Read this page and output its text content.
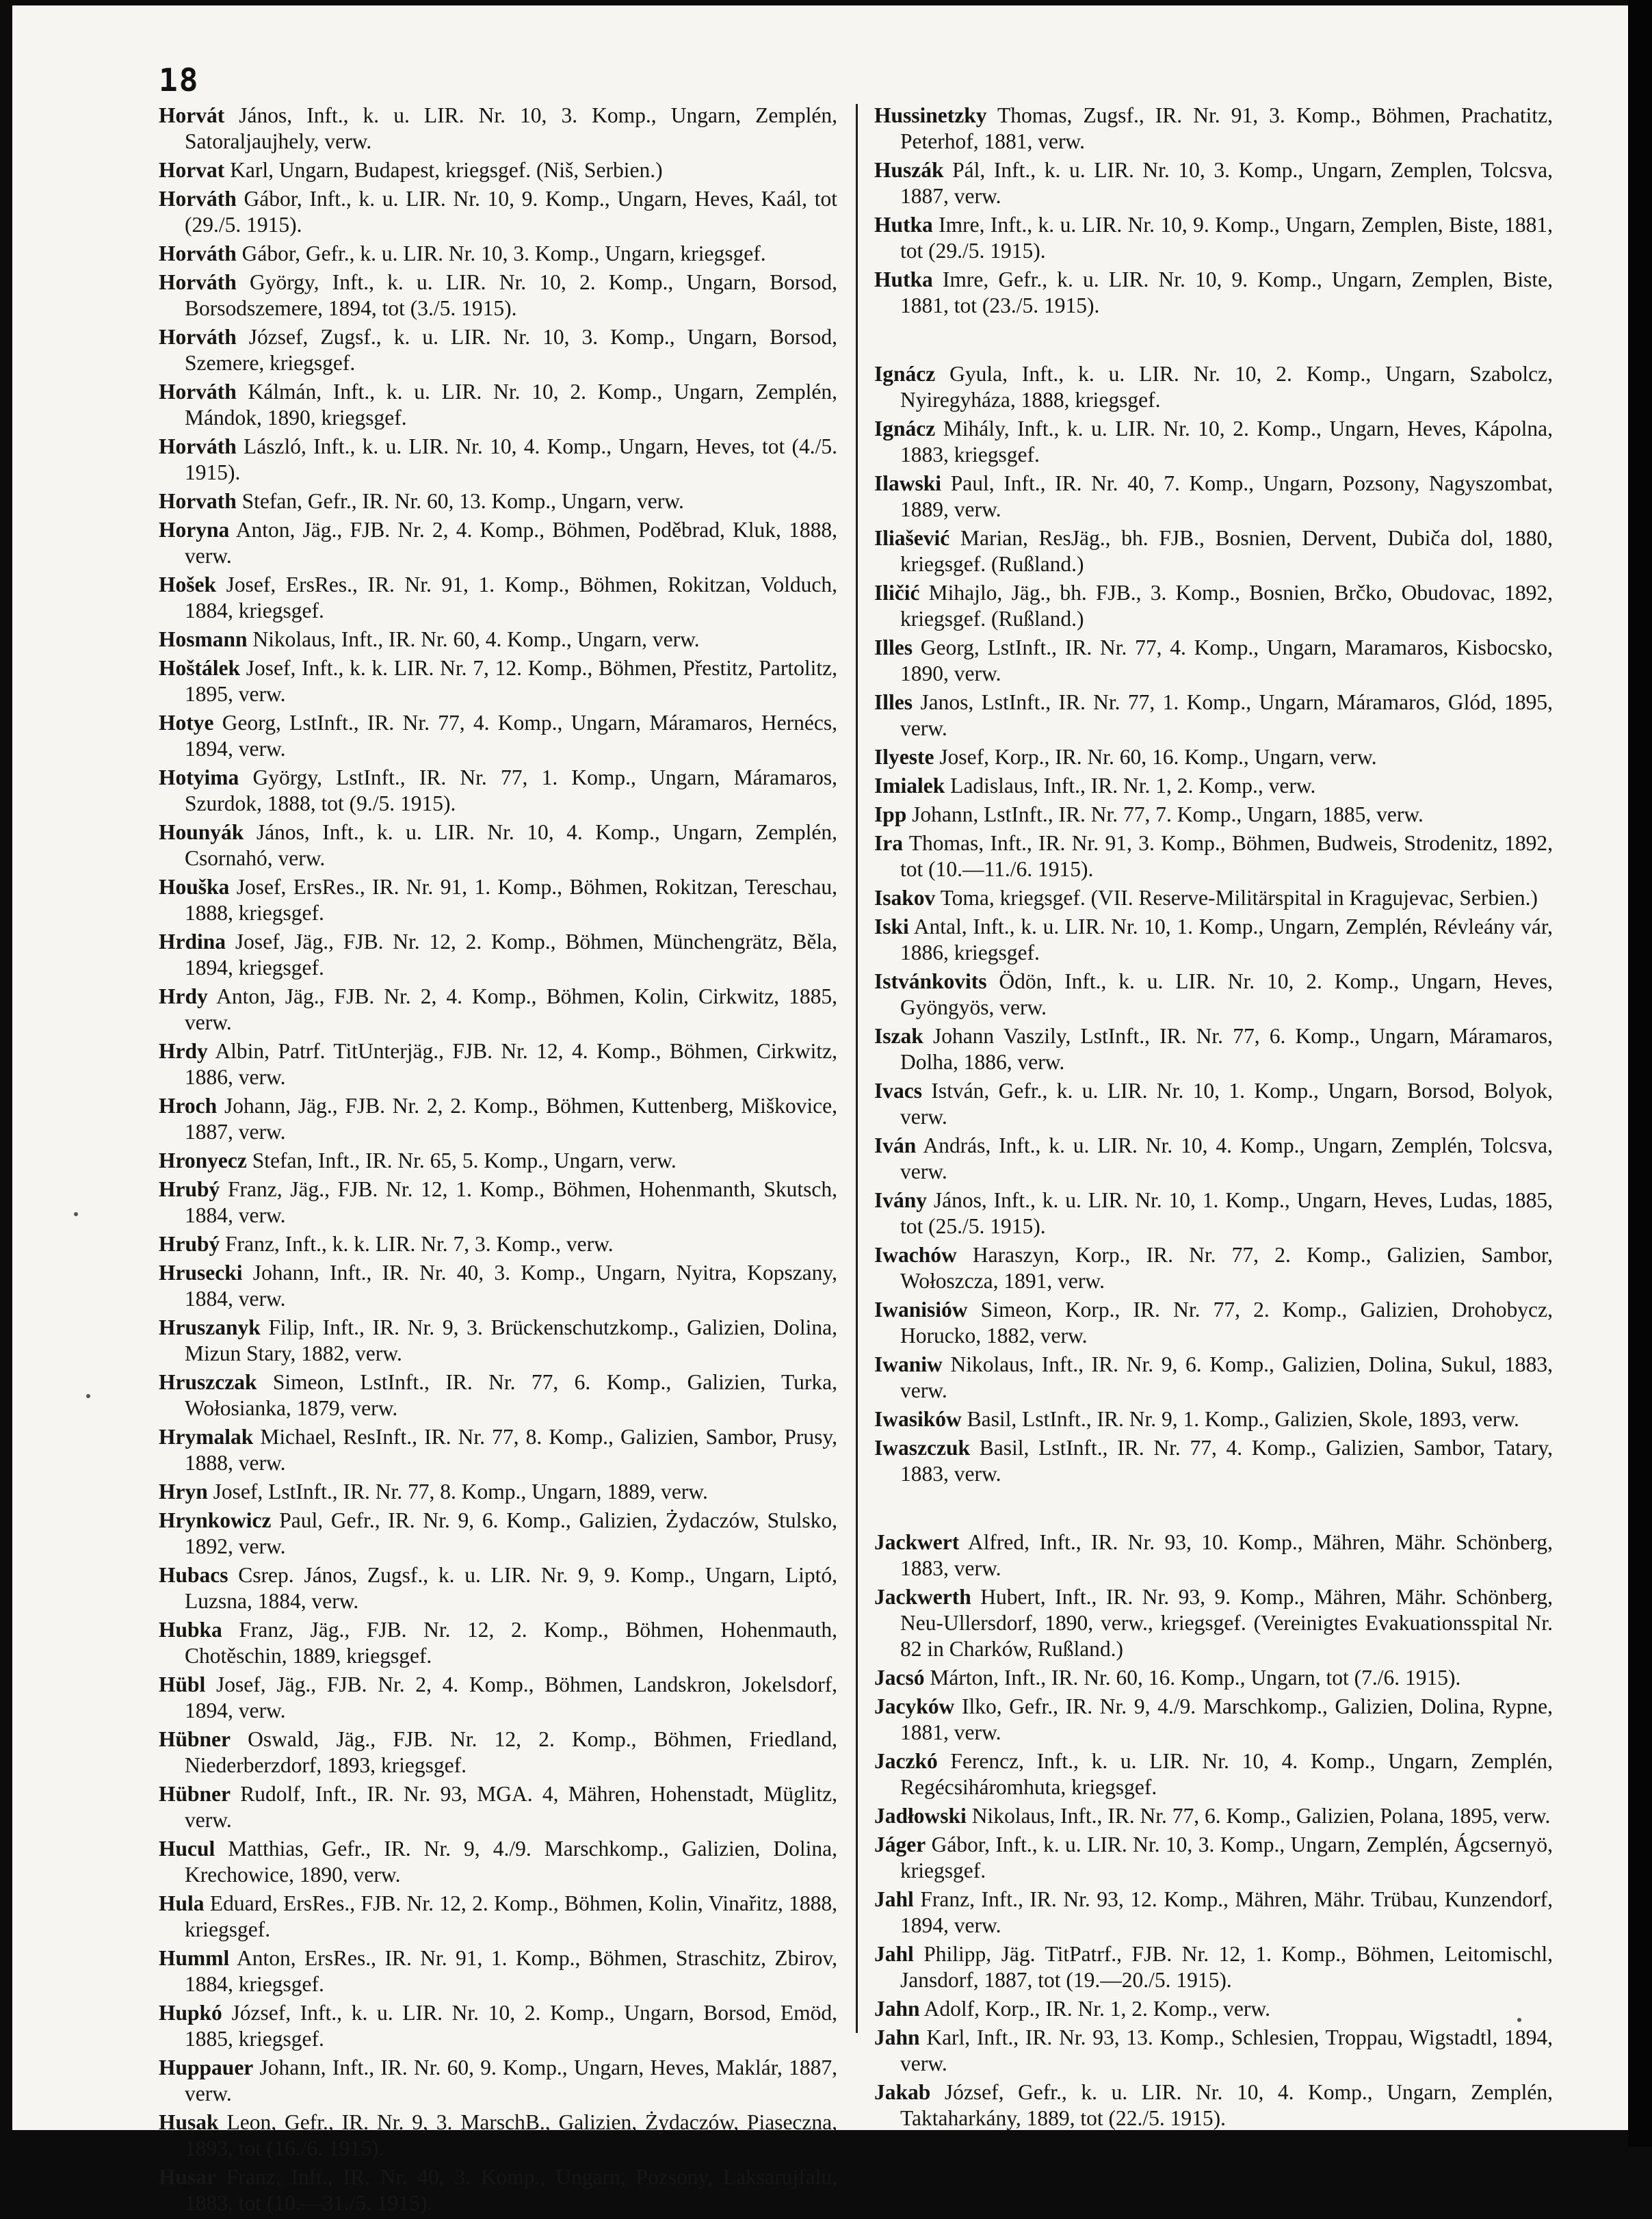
18
Horvát János, Inft., k. u. LIR. Nr. 10, 3. Komp., Ungarn, Zemplén, Satoraljaujhely, verw.
Horvat Karl, Ungarn, Budapest, kriegsgef. (Niš, Serbien.)
Horváth Gábor, Inft., k. u. LIR. Nr. 10, 9. Komp., Ungarn, Heves, Kaál, tot (29./5. 1915).
Horváth Gábor, Gefr., k. u. LIR. Nr. 10, 3. Komp., Ungarn, kriegsgef.
Horváth György, Inft., k. u. LIR. Nr. 10, 2. Komp., Ungarn, Borsod, Borsodszemere, 1894, tot (3./5. 1915).
Horváth József, Zugsf., k. u. LIR. Nr. 10, 3. Komp., Ungarn, Borsod, Szemere, kriegsgef.
Horváth Kálmán, Inft., k. u. LIR. Nr. 10, 2. Komp., Ungarn, Zemplén, Mándok, 1890, kriegsgef.
Horváth László, Inft., k. u. LIR. Nr. 10, 4. Komp., Ungarn, Heves, tot (4./5. 1915).
Horvath Stefan, Gefr., IR. Nr. 60, 13. Komp., Ungarn, verw.
Horyna Anton, Jäg., FJB. Nr. 2, 4. Komp., Böhmen, Poděbrad, Kluk, 1888, verw.
Hošek Josef, ErsRes., IR. Nr. 91, 1. Komp., Böhmen, Rokitzan, Volduch, 1884, kriegsgef.
Hosmann Nikolaus, Inft., IR. Nr. 60, 4. Komp., Ungarn, verw.
Hoštálek Josef, Inft., k. k. LIR. Nr. 7, 12. Komp., Böhmen, Přestitz, Partolitz, 1895, verw.
Hotye Georg, LstInft., IR. Nr. 77, 4. Komp., Ungarn, Máramaros, Hernécs, 1894, verw.
Hotyima György, LstInft., IR. Nr. 77, 1. Komp., Ungarn, Máramaros, Szurdok, 1888, tot (9./5. 1915).
Hounyák János, Inft., k. u. LIR. Nr. 10, 4. Komp., Ungarn, Zemplén, Csornahó, verw.
Houška Josef, ErsRes., IR. Nr. 91, 1. Komp., Böhmen, Rokitzan, Tereschau, 1888, kriegsgef.
Hrdina Josef, Jäg., FJB. Nr. 12, 2. Komp., Böhmen, Münchengrätz, Běla, 1894, kriegsgef.
Hrdy Anton, Jäg., FJB. Nr. 2, 4. Komp., Böhmen, Kolin, Cirkwitz, 1885, verw.
Hrdy Albin, Patrf. TitUnterjäg., FJB. Nr. 12, 4. Komp., Böhmen, Cirkwitz, 1886, verw.
Hroch Johann, Jäg., FJB. Nr. 2, 2. Komp., Böhmen, Kuttenberg, Miškovice, 1887, verw.
Hronyecz Stefan, Inft., IR. Nr. 65, 5. Komp., Ungarn, verw.
Hrubý Franz, Jäg., FJB. Nr. 12, 1. Komp., Böhmen, Hohenmanth, Skutsch, 1884, verw.
Hrubý Franz, Inft., k. k. LIR. Nr. 7, 3. Komp., verw.
Hrusecki Johann, Inft., IR. Nr. 40, 3. Komp., Ungarn, Nyitra, Kopszany, 1884, verw.
Hruszanyk Filip, Inft., IR. Nr. 9, 3. Brückenschutzkomp., Galizien, Dolina, Mizun Stary, 1882, verw.
Hruszczak Simeon, LstInft., IR. Nr. 77, 6. Komp., Galizien, Turka, Wołosianka, 1879, verw.
Hrymalak Michael, ResInft., IR. Nr. 77, 8. Komp., Galizien, Sambor, Prusy, 1888, verw.
Hryn Josef, LstInft., IR. Nr. 77, 8. Komp., Ungarn, 1889, verw.
Hrynkowicz Paul, Gefr., IR. Nr. 9, 6. Komp., Galizien, Żydaczów, Stulsko, 1892, verw.
Hubacs Csrep. János, Zugsf., k. u. LIR. Nr. 9, 9. Komp., Ungarn, Liptó, Luzsna, 1884, verw.
Hubka Franz, Jäg., FJB. Nr. 12, 2. Komp., Böhmen, Hohenmauth, Chotěschin, 1889, kriegsgef.
Hübl Josef, Jäg., FJB. Nr. 2, 4. Komp., Böhmen, Landskron, Jokelsdorf, 1894, verw.
Hübner Oswald, Jäg., FJB. Nr. 12, 2. Komp., Böhmen, Friedland, Niederberzdorf, 1893, kriegsgef.
Hübner Rudolf, Inft., IR. Nr. 93, MGA. 4, Mähren, Hohenstadt, Müglitz, verw.
Hucul Matthias, Gefr., IR. Nr. 9, 4./9. Marschkomp., Galizien, Dolina, Krechowice, 1890, verw.
Hula Eduard, ErsRes., FJB. Nr. 12, 2. Komp., Böhmen, Kolin, Vinařitz, 1888, kriegsgef.
Humml Anton, ErsRes., IR. Nr. 91, 1. Komp., Böhmen, Straschitz, Zbirov, 1884, kriegsgef.
Hupkó József, Inft., k. u. LIR. Nr. 10, 2. Komp., Ungarn, Borsod, Emöd, 1885, kriegsgef.
Huppauer Johann, Inft., IR. Nr. 60, 9. Komp., Ungarn, Heves, Maklár, 1887, verw.
Husak Leon, Gefr., IR. Nr. 9, 3. MarschB., Galizien, Żydaczów, Piaseczna, 1893, tot (16./6. 1915).
Husar Franz, Inft., IR. Nr. 40, 3. Komp., Ungarn, Pozsony, Laksarujfalu, 1883, tot (10.—31./5. 1915).
Hussinetzky Thomas, Zugsf., IR. Nr. 91, 3. Komp., Böhmen, Prachatitz, Peterhof, 1881, verw.
Huszák Pál, Inft., k. u. LIR. Nr. 10, 3. Komp., Ungarn, Zemplen, Tolcsva, 1887, verw.
Hutka Imre, Inft., k. u. LIR. Nr. 10, 9. Komp., Ungarn, Zemplen, Biste, 1881, tot (29./5. 1915).
Hutka Imre, Gefr., k. u. LIR. Nr. 10, 9. Komp., Ungarn, Zemplen, Biste, 1881, tot (23./5. 1915).
Ignácz Gyula, Inft., k. u. LIR. Nr. 10, 2. Komp., Ungarn, Szabolcz, Nyiregyháza, 1888, kriegsgef.
Ignácz Mihály, Inft., k. u. LIR. Nr. 10, 2. Komp., Ungarn, Heves, Kápolna, 1883, kriegsgef.
Ilawski Paul, Inft., IR. Nr. 40, 7. Komp., Ungarn, Pozsony, Nagyszombat, 1889, verw.
Iliašević Marian, ResJäg., bh. FJB., Bosnien, Dervent, Dubiča dol, 1880, kriegsgef. (Rußland.)
Iličić Mihajlo, Jäg., bh. FJB., 3. Komp., Bosnien, Brčko, Obudovac, 1892, kriegsgef. (Rußland.)
Illes Georg, LstInft., IR. Nr. 77, 4. Komp., Ungarn, Maramaros, Kisbocsko, 1890, verw.
Illes Janos, LstInft., IR. Nr. 77, 1. Komp., Ungarn, Máramaros, Glód, 1895, verw.
Ilyeste Josef, Korp., IR. Nr. 60, 16. Komp., Ungarn, verw.
Imialek Ladislaus, Inft., IR. Nr. 1, 2. Komp., verw.
Ipp Johann, LstInft., IR. Nr. 77, 7. Komp., Ungarn, 1885, verw.
Ira Thomas, Inft., IR. Nr. 91, 3. Komp., Böhmen, Budweis, Strodenitz, 1892, tot (10.—11./6. 1915).
Isakov Toma, kriegsgef. (VII. Reserve-Militärspital in Kragujevac, Serbien.)
Iski Antal, Inft., k. u. LIR. Nr. 10, 1. Komp., Ungarn, Zemplén, Révleány vár, 1886, kriegsgef.
Istvánkovits Ödön, Inft., k. u. LIR. Nr. 10, 2. Komp., Ungarn, Heves, Gyöngyös, verw.
Iszak Johann Vaszily, LstInft., IR. Nr. 77, 6. Komp., Ungarn, Máramaros, Dolha, 1886, verw.
Ivacs István, Gefr., k. u. LIR. Nr. 10, 1. Komp., Ungarn, Borsod, Bolyok, verw.
Iván András, Inft., k. u. LIR. Nr. 10, 4. Komp., Ungarn, Zemplén, Tolcsva, verw.
Ivány János, Inft., k. u. LIR. Nr. 10, 1. Komp., Ungarn, Heves, Ludas, 1885, tot (25./5. 1915).
Iwachów Haraszyn, Korp., IR. Nr. 77, 2. Komp., Galizien, Sambor, Wołoszcza, 1891, verw.
Iwanisiów Simeon, Korp., IR. Nr. 77, 2. Komp., Galizien, Drohobycz, Horucko, 1882, verw.
Iwaniw Nikolaus, Inft., IR. Nr. 9, 6. Komp., Galizien, Dolina, Sukul, 1883, verw.
Iwasików Basil, LstInft., IR. Nr. 9, 1. Komp., Galizien, Skole, 1893, verw.
Iwaszczuk Basil, LstInft., IR. Nr. 77, 4. Komp., Galizien, Sambor, Tatary, 1883, verw.
Jackwert Alfred, Inft., IR. Nr. 93, 10. Komp., Mähren, Mähr. Schönberg, 1883, verw.
Jackwerth Hubert, Inft., IR. Nr. 93, 9. Komp., Mähren, Mähr. Schönberg, Neu-Ullersdorf, 1890, verw., kriegsgef. (Vereinigtes Evakuationsspital Nr. 82 in Charków, Rußland.)
Jacsó Márton, Inft., IR. Nr. 60, 16. Komp., Ungarn, tot (7./6. 1915).
Jacyków Ilko, Gefr., IR. Nr. 9, 4./9. Marschkomp., Galizien, Dolina, Rypne, 1881, verw.
Jaczkó Ferencz, Inft., k. u. LIR. Nr. 10, 4. Komp., Ungarn, Zemplén, Regécsiháromhuta, kriegsgef.
Jadłowski Nikolaus, Inft., IR. Nr. 77, 6. Komp., Galizien, Polana, 1895, verw.
Jáger Gábor, Inft., k. u. LIR. Nr. 10, 3. Komp., Ungarn, Zemplén, Ágcsernyö, kriegsgef.
Jahl Franz, Inft., IR. Nr. 93, 12. Komp., Mähren, Mähr. Trübau, Kunzendorf, 1894, verw.
Jahl Philipp, Jäg. TitPatrf., FJB. Nr. 12, 1. Komp., Böhmen, Leitomischl, Jansdorf, 1887, tot (19.—20./5. 1915).
Jahn Adolf, Korp., IR. Nr. 1, 2. Komp., verw.
Jahn Karl, Inft., IR. Nr. 93, 13. Komp., Schlesien, Troppau, Wigstadtl, 1894, verw.
Jakab József, Gefr., k. u. LIR. Nr. 10, 4. Komp., Ungarn, Zemplén, Taktaharkány, 1889, tot (22./5. 1915).
